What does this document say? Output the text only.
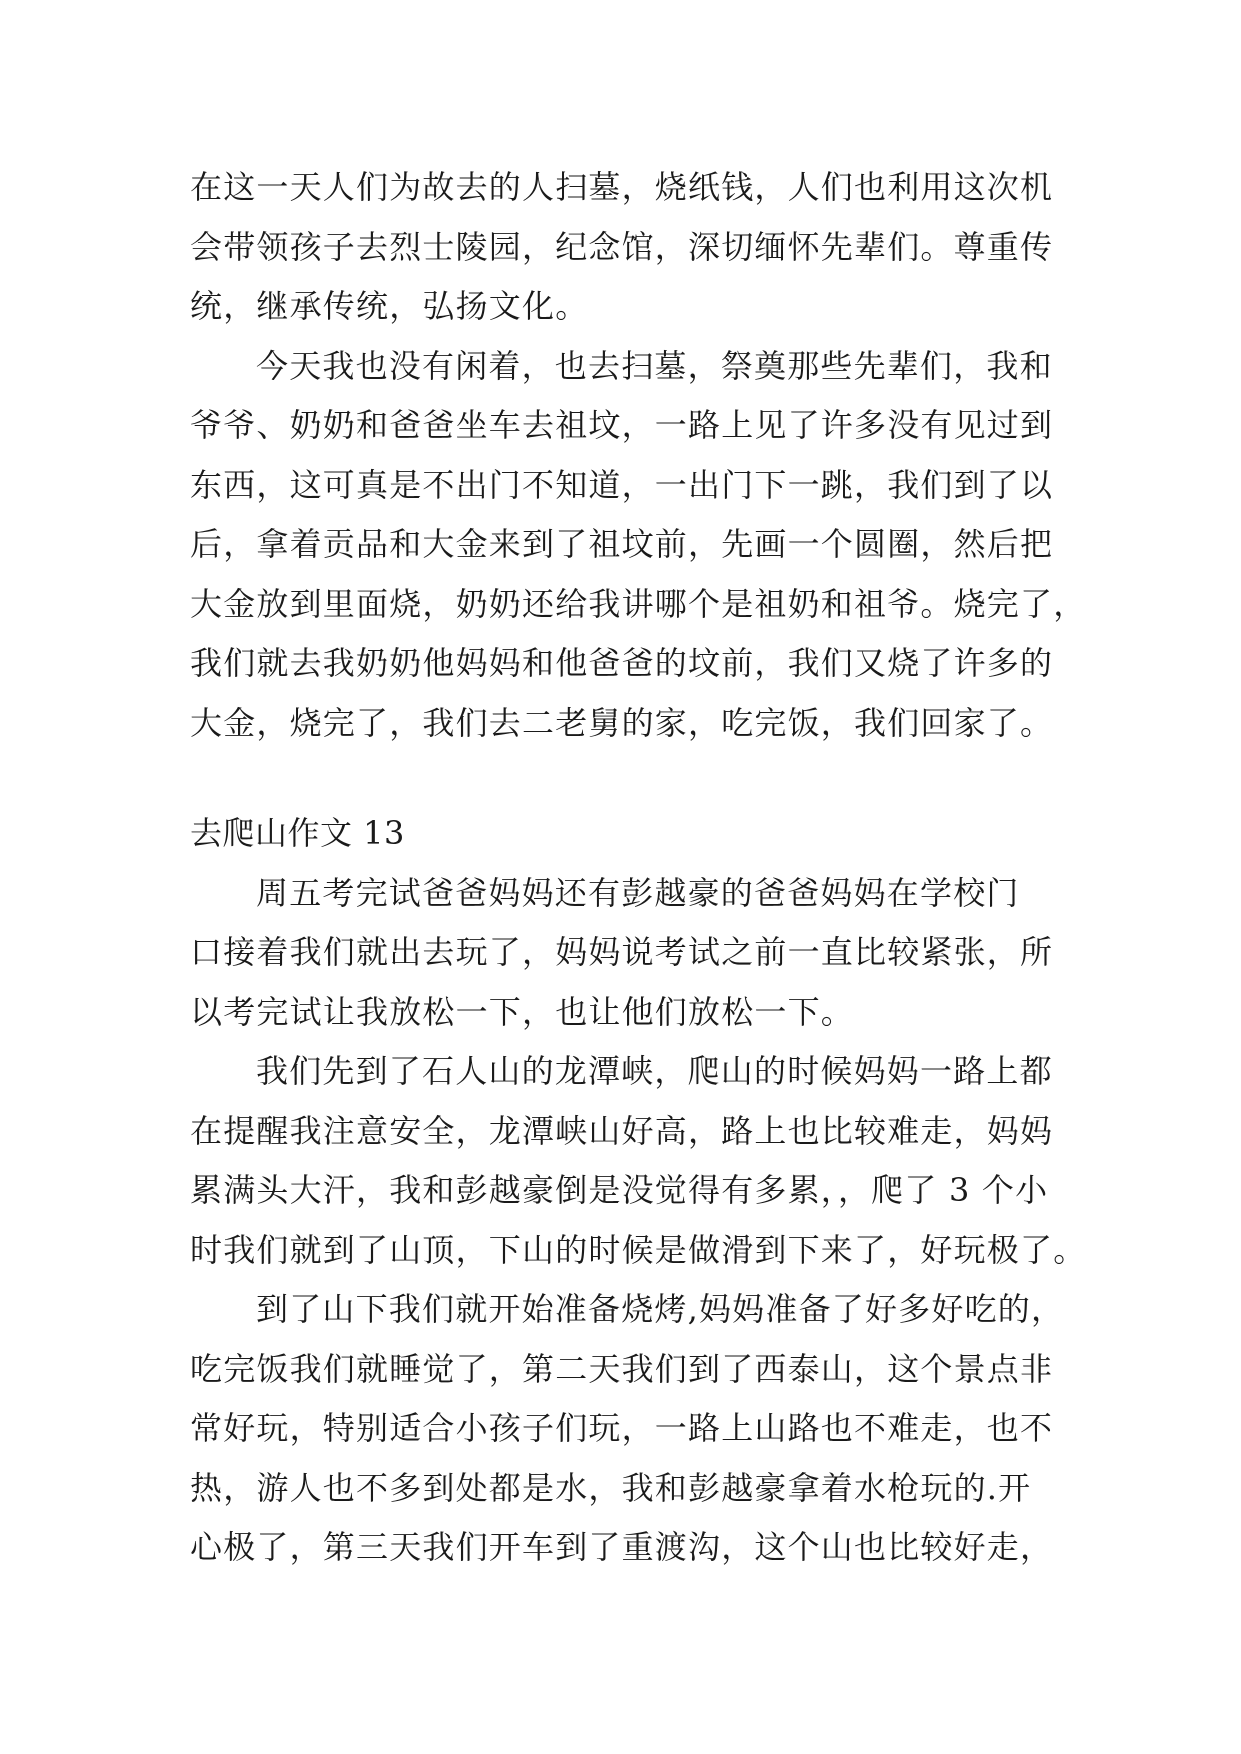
在这一天人们为故去的人扫墓，烧纸钱，人们也利用这次机
会带领孩子去烈士陵园，纪念馆，深切缅怀先辈们。尊重传
统，继承传统，弘扬文化。
今天我也没有闲着，也去扫墓，祭奠那些先辈们，我和
爷爷、奶奶和爸爸坐车去祖坟，一路上见了许多没有见过到
东西，这可真是不出门不知道，一出门下一跳，我们到了以
后，拿着贡品和大金来到了祖坟前，先画一个圆圈，然后把
大金放到里面烧，奶奶还给我讲哪个是祖奶和祖爷。烧完了，
我们就去我奶奶他妈妈和他爸爸的坟前，我们又烧了许多的
大金，烧完了，我们去二老舅的家，吃完饭，我们回家了。
去爬山作文 13
周五考完试爸爸妈妈还有彭越豪的爸爸妈妈在学校门
口接着我们就出去玩了，妈妈说考试之前一直比较紧张，所
以考完试让我放松一下，也让他们放松一下。
我们先到了石人山的龙潭峡，爬山的时候妈妈一路上都
在提醒我注意安全，龙潭峡山好高，路上也比较难走，妈妈
累满头大汗，我和彭越豪倒是没觉得有多累，，爬了 3 个小
时我们就到了山顶，下山的时候是做滑到下来了，好玩极了。
到了山下我们就开始准备烧烤,妈妈准备了好多好吃的，
吃完饭我们就睡觉了，第二天我们到了西泰山，这个景点非
常好玩，特别适合小孩子们玩，一路上山路也不难走，也不
热，游人也不多到处都是水，我和彭越豪拿着水枪玩的.开
心极了，第三天我们开车到了重渡沟，这个山也比较好走，
